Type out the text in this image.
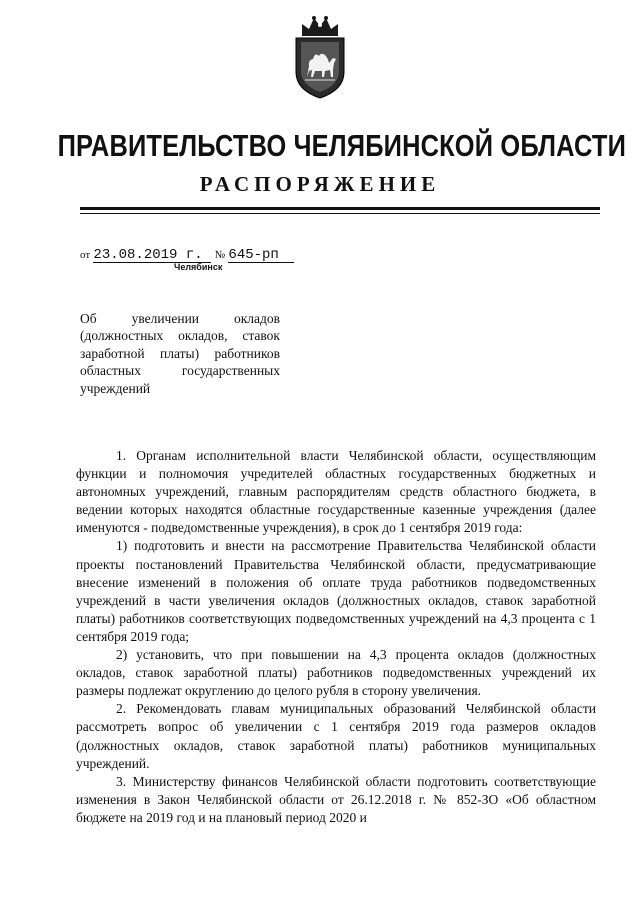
ПРАВИТЕЛЬСТВО ЧЕЛЯБИНСКОЙ ОБЛАСТИ
РАСПОРЯЖЕНИЕ
от 23.08.2019 г. № 645-рп
Челябинск
Об увеличении окладов (должностных окладов, ставок заработной платы) работников областных государственных учреждений

1. Органам исполнительной власти Челябинской области, осуществляющим функции и полномочия учредителей областных государственных бюджетных и автономных учреждений, главным распорядителям средств областного бюджета, в ведении которых находятся областные государственные казенные учреждения (далее именуются - подведомственные учреждения), в срок до 1 сентября 2019 года:

1) подготовить и внести на рассмотрение Правительства Челябинской области проекты постановлений Правительства Челябинской области, предусматривающие внесение изменений в положения об оплате труда работников подведомственных учреждений в части увеличения окладов (должностных окладов, ставок заработной платы) работников соответствующих подведомственных учреждений на 4,3 процента с 1 сентября 2019 года;

2) установить, что при повышении на 4,3 процента окладов (должностных окладов, ставок заработной платы) работников подведомственных учреждений их размеры подлежат округлению до целого рубля в сторону увеличения.

2. Рекомендовать главам муниципальных образований Челябинской области рассмотреть вопрос об увеличении с 1 сентября 2019 года размеров окладов (должностных окладов, ставок заработной платы) работников муниципальных учреждений.

3. Министерству финансов Челябинской области подготовить соответствующие изменения в Закон Челябинской области от 26.12.2018 г. № 852-ЗО «Об областном бюджете на 2019 год и на плановый период 2020 и
